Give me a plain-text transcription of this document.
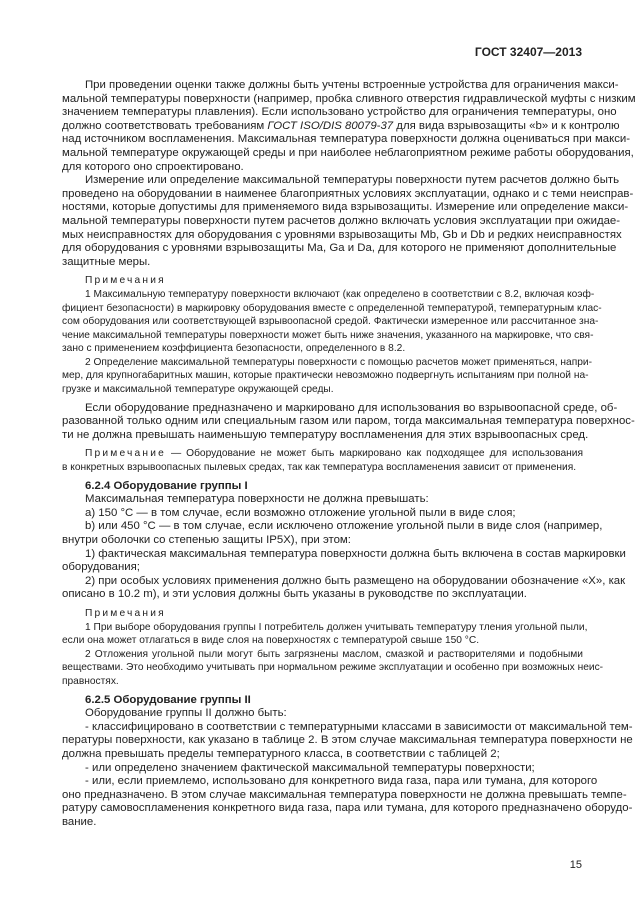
ГОСТ 32407—2013
При проведении оценки также должны быть учтены встроенные устройства для ограничения макси-
мальной температуры поверхности (например, пробка сливного отверстия гидравлической муфты с низким
значением температуры плавления). Если использовано устройство для ограничения температуры, оно
должно соответствовать требованиям ГОСТ ISO/DIS 80079-37 для вида взрывозащиты «b» и к контролю
над источником воспламенения. Максимальная температура поверхности должна оцениваться при макси-
мальной температуре окружающей среды и при наиболее неблагоприятном режиме работы оборудования,
для которого оно спроектировано.
Измерение или определение максимальной температуры поверхности путем расчетов должно быть
проведено на оборудовании в наименее благоприятных условиях эксплуатации, однако и с теми неисправ-
ностями, которые допустимы для применяемого вида взрывозащиты. Измерение или определение макси-
мальной температуры поверхности путем расчетов должно включать условия эксплуатации при ожидае-
мых неисправностях для оборудования с уровнями взрывозащиты Mb, Gb и Db и редких неисправностях
для оборудования с уровнями взрывозащиты Ma, Ga и Da, для которого не применяют дополнительные
защитные меры.
Примечания
1 Максимальную температуру поверхности включают (как определено в соответствии с 8.2, включая коэф-
фициент безопасности) в маркировку оборудования вместе с определенной температурой, температурным клас-
сом оборудования или соответствующей взрывоопасной средой. Фактически измеренное или рассчитанное зна-
чение максимальной температуры поверхности может быть ниже значения, указанного на маркировке, что свя-
зано с применением коэффициента безопасности, определенного в 8.2.
2 Определение максимальной температуры поверхности с помощью расчетов может применяться, напри-
мер, для крупногабаритных машин, которые практически невозможно подвергнуть испытаниям при полной на-
грузке и максимальной температуре окружающей среды.
Если оборудование предназначено и маркировано для использования во взрывоопасной среде, об-
разованной только одним или специальным газом или паром, тогда максимальная температура поверхнос-
ти не должна превышать наименьшую температуру воспламенения для этих взрывоопасных сред.
Примечание — Оборудование не может быть маркировано как подходящее для использования
в конкретных взрывоопасных пылевых средах, так как температура воспламенения зависит от применения.
6.2.4 Оборудование группы I
Максимальная температура поверхности не должна превышать:
а) 150 °С — в том случае, если возможно отложение угольной пыли в виде слоя;
b) или 450 °С — в том случае, если исключено отложение угольной пыли в виде слоя (например,
внутри оболочки со степенью защиты IP5X), при этом:
1) фактическая максимальная температура поверхности должна быть включена в состав маркировки
оборудования;
2) при особых условиях применения должно быть размещено на оборудовании обозначение «Х», как
описано в 10.2 m), и эти условия должны быть указаны в руководстве по эксплуатации.
Примечания
1 При выборе оборудования группы I потребитель должен учитывать температуру тления угольной пыли,
если она может отлагаться в виде слоя на поверхностях с температурой свыше 150 °С.
2 Отложения угольной пыли могут быть загрязнены маслом, смазкой и растворителями и подобными
веществами. Это необходимо учитывать при нормальном режиме эксплуатации и особенно при возможных неис-
правностях.
6.2.5 Оборудование группы II
Оборудование группы II должно быть:
- классифицировано в соответствии с температурными классами в зависимости от максимальной тем-
пературы поверхности, как указано в таблице 2. В этом случае максимальная температура поверхности не
должна превышать пределы температурного класса, в соответствии с таблицей 2;
- или определено значением фактической максимальной температуры поверхности;
- или, если приемлемо, использовано для конкретного вида газа, пара или тумана, для которого
оно предназначено. В этом случае максимальная температура поверхности не должна превышать темпе-
ратуру самовоспламенения конкретного вида газа, пара или тумана, для которого предназначено оборудо-
вание.
15
